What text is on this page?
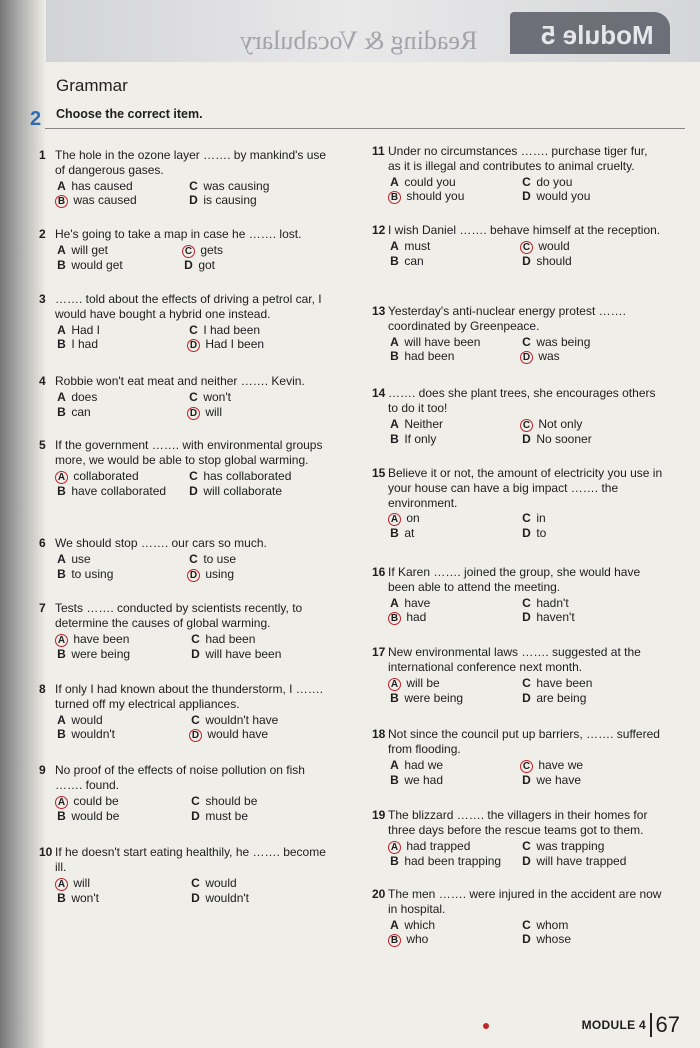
Reading & Vocabulary Module 5
Grammar
2 Choose the correct item.
1 The hole in the ozone layer ……. by mankind's use of dangerous gases.

A has caused	C was causing
B was caused	D is causing
2 He's going to take a map in case he ……. lost.

A will get	C gets
B would get	D got
3 ……. told about the effects of driving a petrol car, I would have bought a hybrid one instead.

A Had I	C I had been
B I had	D Had I been
4 Robbie won't eat meat and neither ……. Kevin.

A does	C won't
B can	D will
5 If the government ……. with environmental groups more, we would be able to stop global warming.

A collaborated	C has collaborated
B have collaborated	D will collaborate
6 We should stop ……. our cars so much.

A use	C to use
B to using	D using
7 Tests ……. conducted by scientists recently, to determine the causes of global warming.

A have been	C had been
B were being	D will have been
8 If only I had known about the thunderstorm, I ……. turned off my electrical appliances.

A would	C wouldn't have
B wouldn't	D would have
9 No proof of the effects of noise pollution on fish ……. found.

A could be	C should be
B would be	D must be
10 If he doesn't start eating healthily, he ……. become ill.

A will	C would
B won't	D wouldn't
11 Under no circumstances ……. purchase tiger fur, as it is illegal and contributes to animal cruelty.

A could you	C do you
B should you	D would you
12 I wish Daniel ……. behave himself at the reception.

A must	C would
B can	D should
13 Yesterday's anti-nuclear energy protest ……. coordinated by Greenpeace.

A will have been	C was being
B had been	D was
14 ……. does she plant trees, she encourages others to do it too!

A Neither	C Not only
B If only	D No sooner
15 Believe it or not, the amount of electricity you use in your house can have a big impact ……. the environment.

A on	C in
B at	D to
16 If Karen ……. joined the group, she would have been able to attend the meeting.

A have	C hadn't
B had	D haven't
17 New environmental laws ……. suggested at the international conference next month.

A will be	C have been
B were being	D are being
18 Not since the council put up barriers, ……. suffered from flooding.

A had we	C have we
B we had	D we have
19 The blizzard ……. the villagers in their homes for three days before the rescue teams got to them.

A had trapped	C was trapping
B had been trapping	D will have trapped
20 The men ……. were injured in the accident are now in hospital.

A which	C whom
B who	D whose
MODULE 4 67
